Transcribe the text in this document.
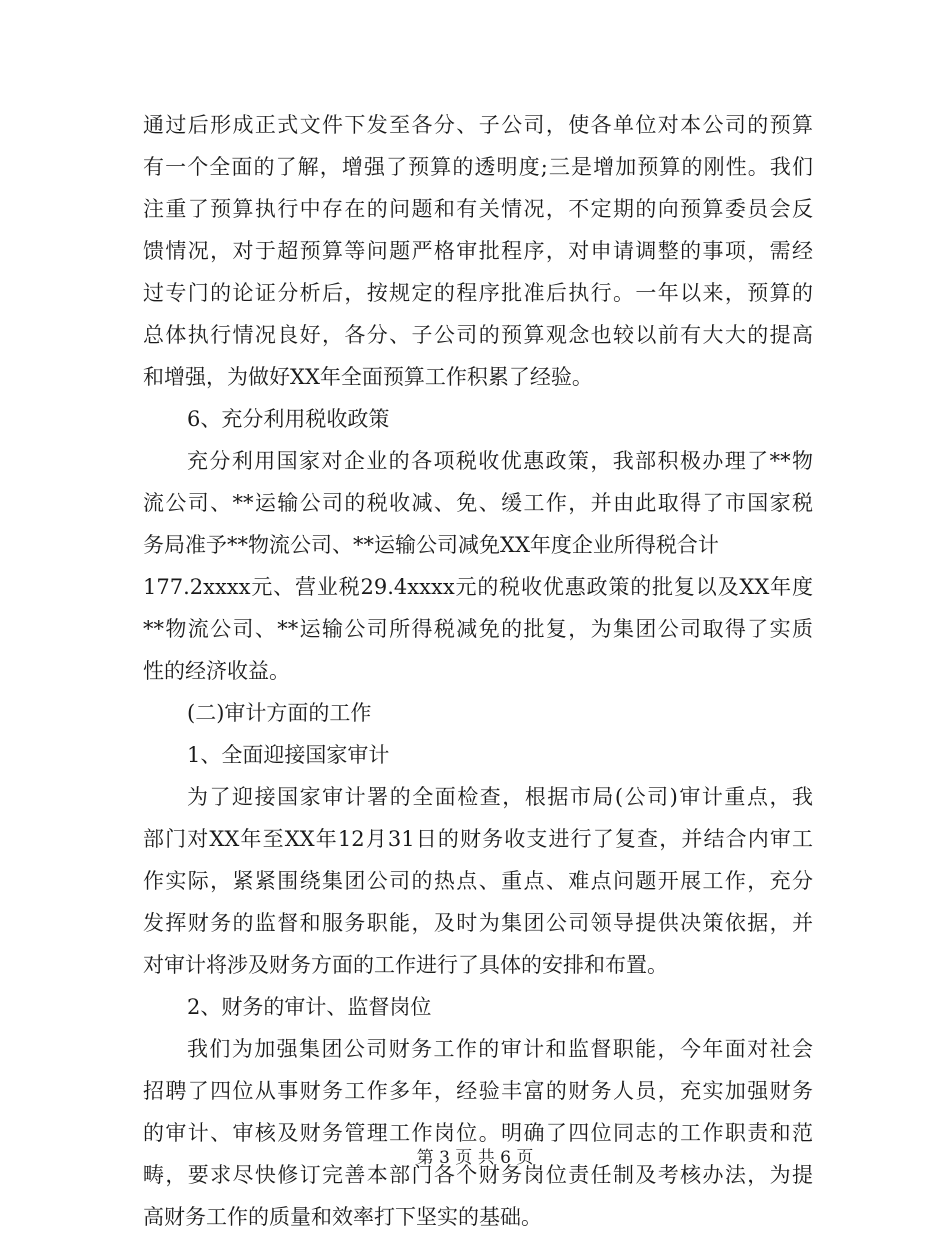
通过后形成正式文件下发至各分、子公司，使各单位对本公司的预算
有一个全面的了解，增强了预算的透明度;三是增加预算的刚性。我们
注重了预算执行中存在的问题和有关情况，不定期的向预算委员会反
馈情况，对于超预算等问题严格审批程序，对申请调整的事项，需经
过专门的论证分析后，按规定的程序批准后执行。一年以来，预算的
总体执行情况良好，各分、子公司的预算观念也较以前有大大的提高
和增强，为做好XX年全面预算工作积累了经验。
6、充分利用税收政策
充分利用国家对企业的各项税收优惠政策，我部积极办理了**物
流公司、**运输公司的税收减、免、缓工作，并由此取得了市国家税
务局准予**物流公司、**运输公司减免XX年度企业所得税合计
177.2xxxx元、营业税29.4xxxx元的税收优惠政策的批复以及XX年度
**物流公司、**运输公司所得税减免的批复，为集团公司取得了实质
性的经济收益。
(二)审计方面的工作
1、全面迎接国家审计
为了迎接国家审计署的全面检查，根据市局(公司)审计重点，我
部门对XX年至XX年12月31日的财务收支进行了复查，并结合内审工
作实际，紧紧围绕集团公司的热点、重点、难点问题开展工作，充分
发挥财务的监督和服务职能，及时为集团公司领导提供决策依据，并
对审计将涉及财务方面的工作进行了具体的安排和布置。
2、财务的审计、监督岗位
我们为加强集团公司财务工作的审计和监督职能，今年面对社会
招聘了四位从事财务工作多年，经验丰富的财务人员，充实加强财务
的审计、审核及财务管理工作岗位。明确了四位同志的工作职责和范
畴，要求尽快修订完善本部门各个财务岗位责任制及考核办法，为提
高财务工作的质量和效率打下坚实的基础。
第 3 页 共 6 页
